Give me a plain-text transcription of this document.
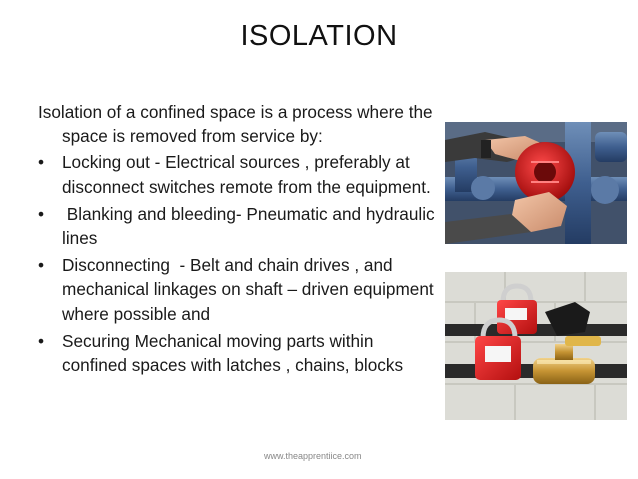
ISOLATION

Isolation of a confined space is a process where the space is removed from service by:

•	Locking out - Electrical sources , preferably at disconnect switches remote from the equipment.
•	Blanking and bleeding- Pneumatic and hydraulic lines
•	Disconnecting  - Belt and chain drives , and mechanical linkages on shaft – driven equipment where possible and
•	Securing Mechanical moving parts within confined spaces with latches , chains, blocks
www.theapprentiice.com
